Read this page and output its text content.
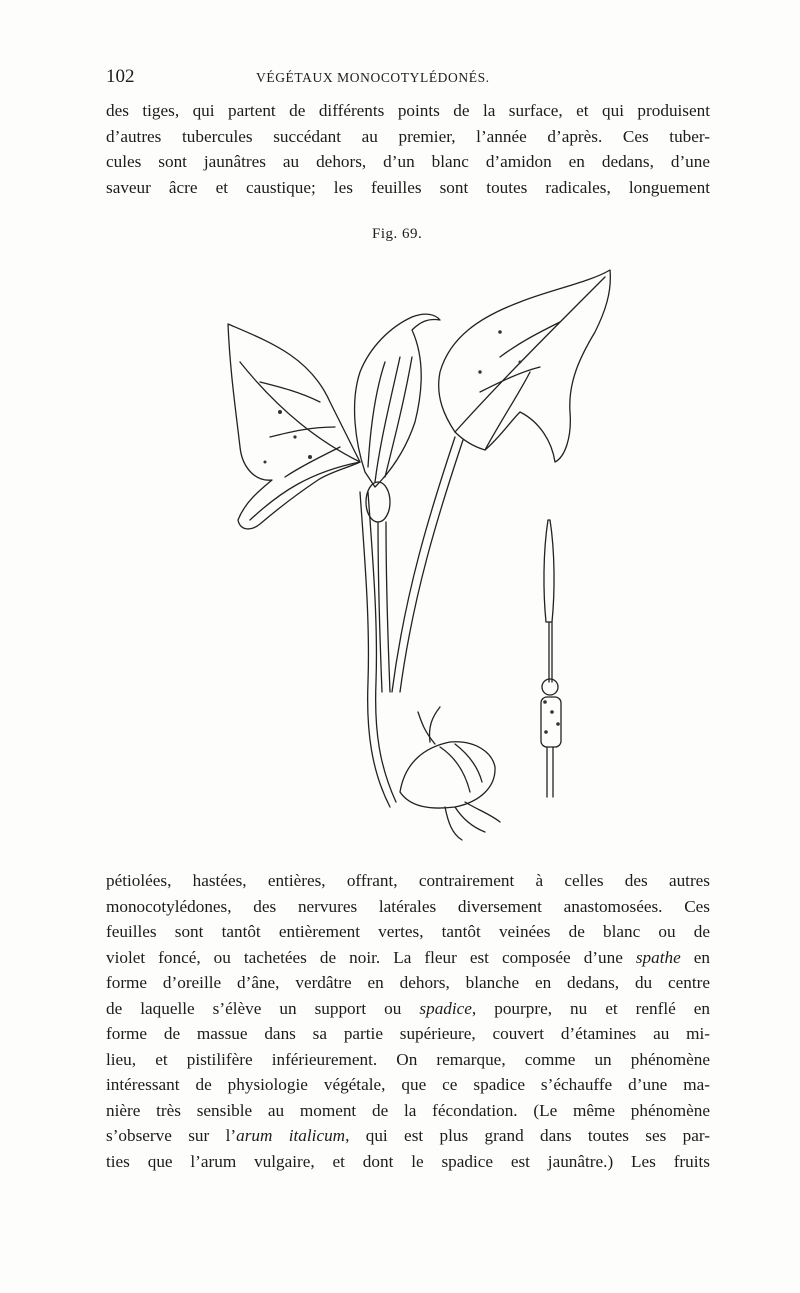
102	VÉGÉTAUX MONOCOTYLÉDONÉS.
des tiges, qui partent de différents points de la surface, et qui produisent
d’autres tubercules succédant au premier, l’année d’après. Ces tuber-
cules sont jaunâtres au dehors, d’un blanc d’amidon en dedans, d’une
saveur âcre et caustique; les feuilles sont toutes radicales, longuement
Fig. 69.
pétiolées, hastées, entières, offrant, contrairement à celles des autres
monocotylédones, des nervures latérales diversement anastomosées. Ces
feuilles sont tantôt entièrement vertes, tantôt veinées de blanc ou de
violet foncé, ou tachetées de noir. La fleur est composée d’une spathe en
forme d’oreille d’âne, verdâtre en dehors, blanche en dedans, du centre
de laquelle s’élève un support ou spadice, pourpre, nu et renflé en
forme de massue dans sa partie supérieure, couvert d’étamines au mi-
lieu, et pistilifère inférieurement. On remarque, comme un phénomène
intéressant de physiologie végétale, que ce spadice s’échauffe d’une ma-
nière très sensible au moment de la fécondation. (Le même phénomène
s’observe sur l’arum italicum, qui est plus grand dans toutes ses par-
ties que l’arum vulgaire, et dont le spadice est jaunâtre.) Les fruits
